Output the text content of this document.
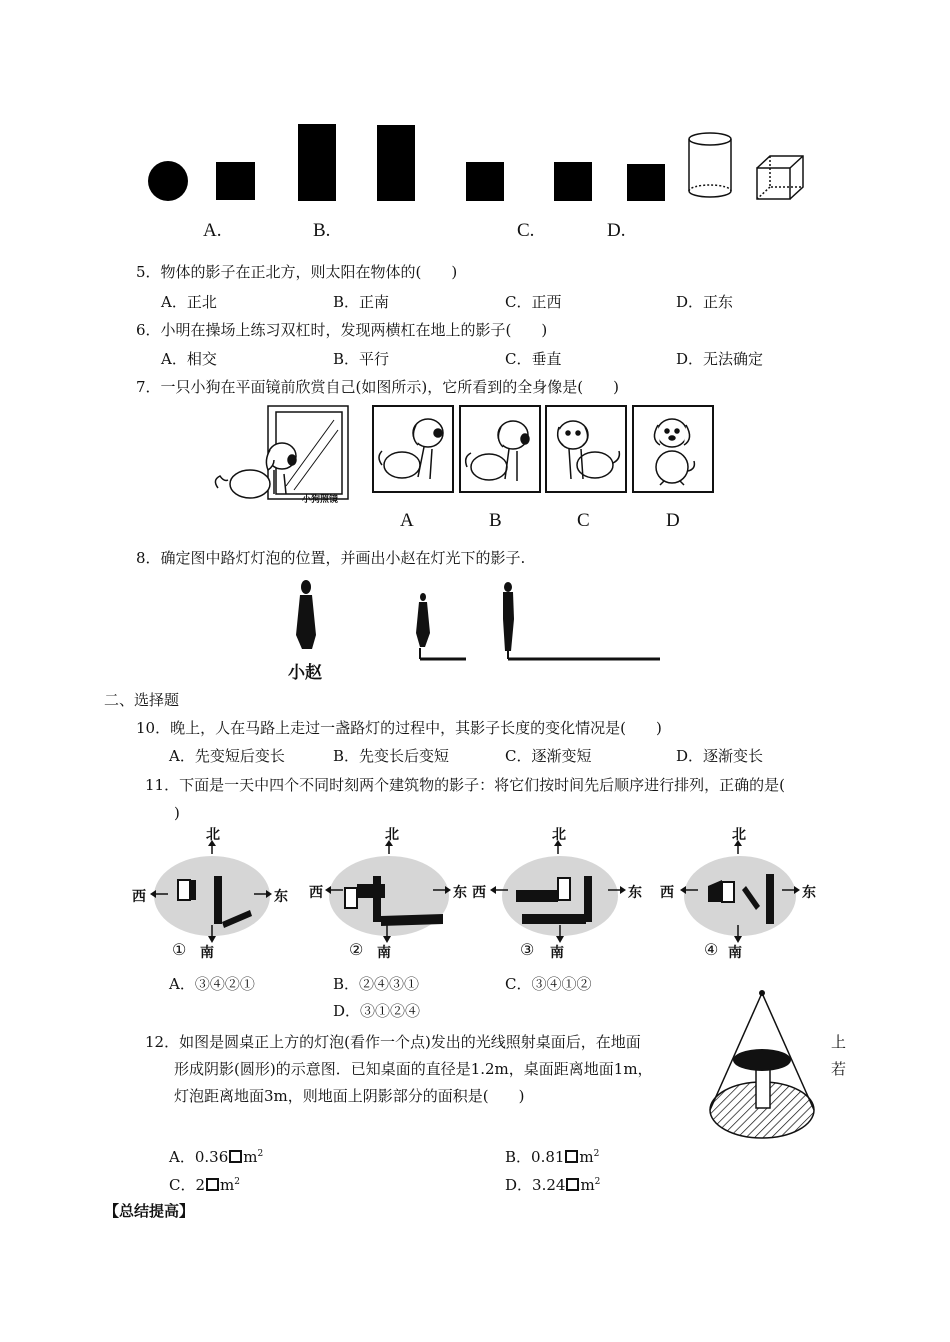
A.	B.	C.	D.
5．物体的影子在正北方，则太阳在物体的(　　)
A．正北	B．正南	C．正西	D．正东
6．小明在操场上练习双杠时，发现两横杠在地上的影子(　　)
A．相交	B．平行	C．垂直	D．无法确定
7．一只小狗在平面镜前欣赏自己(如图所示)，它所看到的全身像是(　　)
小狗照镜
A	B	C	D
8．确定图中路灯灯泡的位置，并画出小赵在灯光下的影子.
小赵
二、选择题
10．晚上，人在马路上走过一盏路灯的过程中，其影子长度的变化情况是(　　)
A．先变短后变长	B．先变长后变短	C．逐渐变短	D．逐渐变长
11．下面是一天中四个不同时刻两个建筑物的影子：将它们按时间先后顺序进行排列，正确的是(
)
北
南
西	东
①
北
南
西	东
②
北
南
西	东
③
北
南
西	东
④
A．③④②①	B．②④③①	C．③④①②
D．③①②④
12．如图是圆桌正上方的灯泡(看作一个点)发出的光线照射桌面后，在地面	上
形成阴影(圆形)的示意图．已知桌面的直径是1.2m，桌面距离地面1m，	若
灯泡距离地面3m，则地面上阴影部分的面积是(　　)
A．0.36 $m^2$	B．0.81 $m^2$
C．2 $m^2$	D．3.24 $m^2$
【总结提高】
